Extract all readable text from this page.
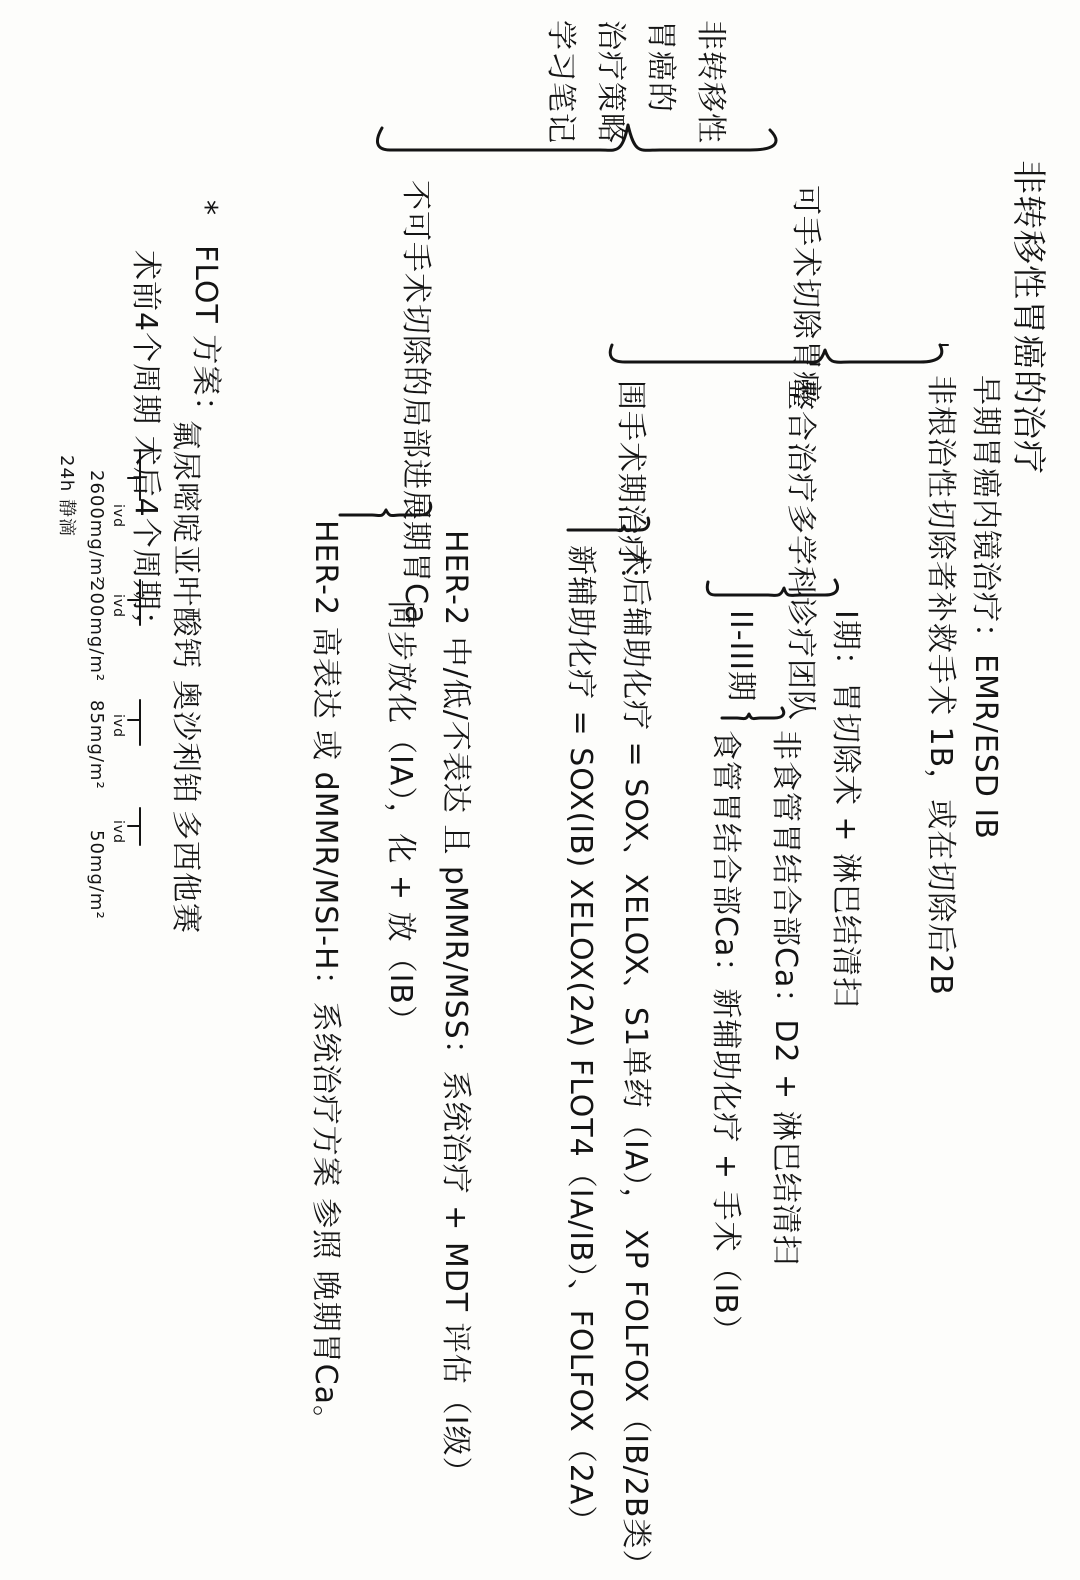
非转移性胃癌的治疗
非转移性
胃癌的
治疗策略
学习笔记
早期胃癌内镜治疗：EMR/ESD IB
非根治性切除者补救手术 1B，或在切除后2B
可手术切除胃癌
整合治疗多学科诊疗团队
I期：胃切除术 + 淋巴结清扫
II-III期
非食管胃结合部Ca：D2 + 淋巴结清扫
食管胃结合部Ca：新辅助化疗 + 手术（IB）
围手术期治疗：
术后辅助化疗 = SOX、XELOX、S1单药（IA）， XP FOLFOX（IB/2B类）
新辅助化疗 = SOX(IB) XELOX(2A) FLOT4（IA/IB）、FOLFOX（2A）
不可手术切除的局部进展期胃Ca
HER-2 中/低/不表达 且 pMMR/MSS：系统治疗 + MDT 评估（I级）
同步放化（IA），化 + 放（IB）
HER-2 高表达 或 dMMR/MSI-H：系统治疗方案 参照 晚期胃Ca。
*
FLOT 方案：
氟尿嘧啶
亚叶酸钙
奥沙利铂
多西他赛
ivd
ivd
ivd
ivd
2600mg/m²
200mg/m²
85mg/m²
50mg/m²
术前4个周期 术后4个周期；
24h 静滴
